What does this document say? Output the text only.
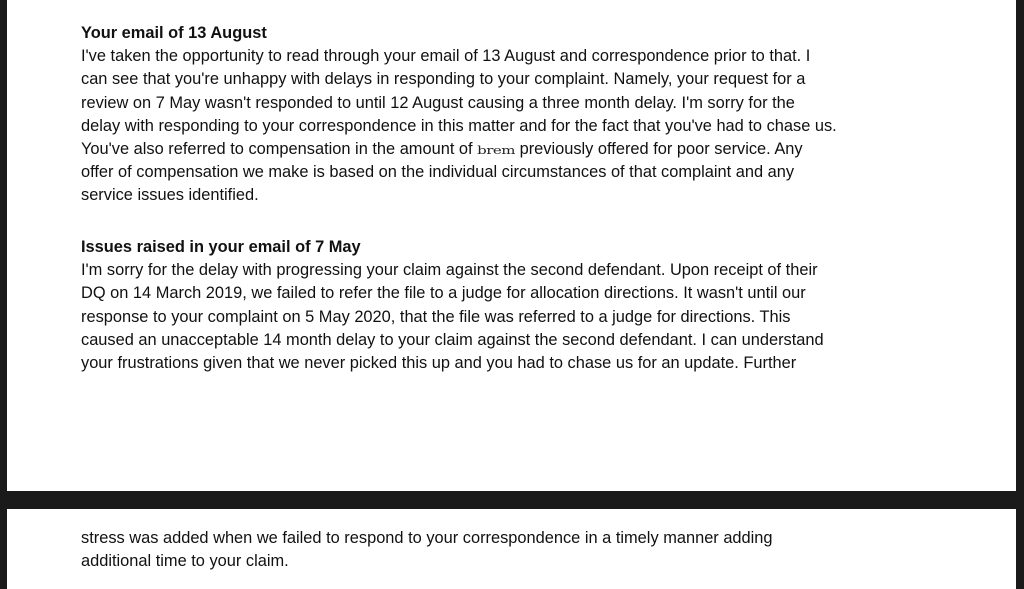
Your email of 13 August
I've taken the opportunity to read through your email of 13 August and correspondence prior to that. I
can see that you're unhappy with delays in responding to your complaint. Namely, your request for a
review on 7 May wasn't responded to until 12 August causing a three month delay. I'm sorry for the
delay with responding to your correspondence in this matter and for the fact that you've had to chase us.
You've also referred to compensation in the amount of brem previously offered for poor service. Any
offer of compensation we make is based on the individual circumstances of that complaint and any
service issues identified.
Issues raised in your email of 7 May
I'm sorry for the delay with progressing your claim against the second defendant. Upon receipt of their
DQ on 14 March 2019, we failed to refer the file to a judge for allocation directions. It wasn't until our
response to your complaint on 5 May 2020, that the file was referred to a judge for directions. This
caused an unacceptable 14 month delay to your claim against the second defendant. I can understand
your frustrations given that we never picked this up and you had to chase us for an update. Further
stress was added when we failed to respond to your correspondence in a timely manner adding
additional time to your claim.
